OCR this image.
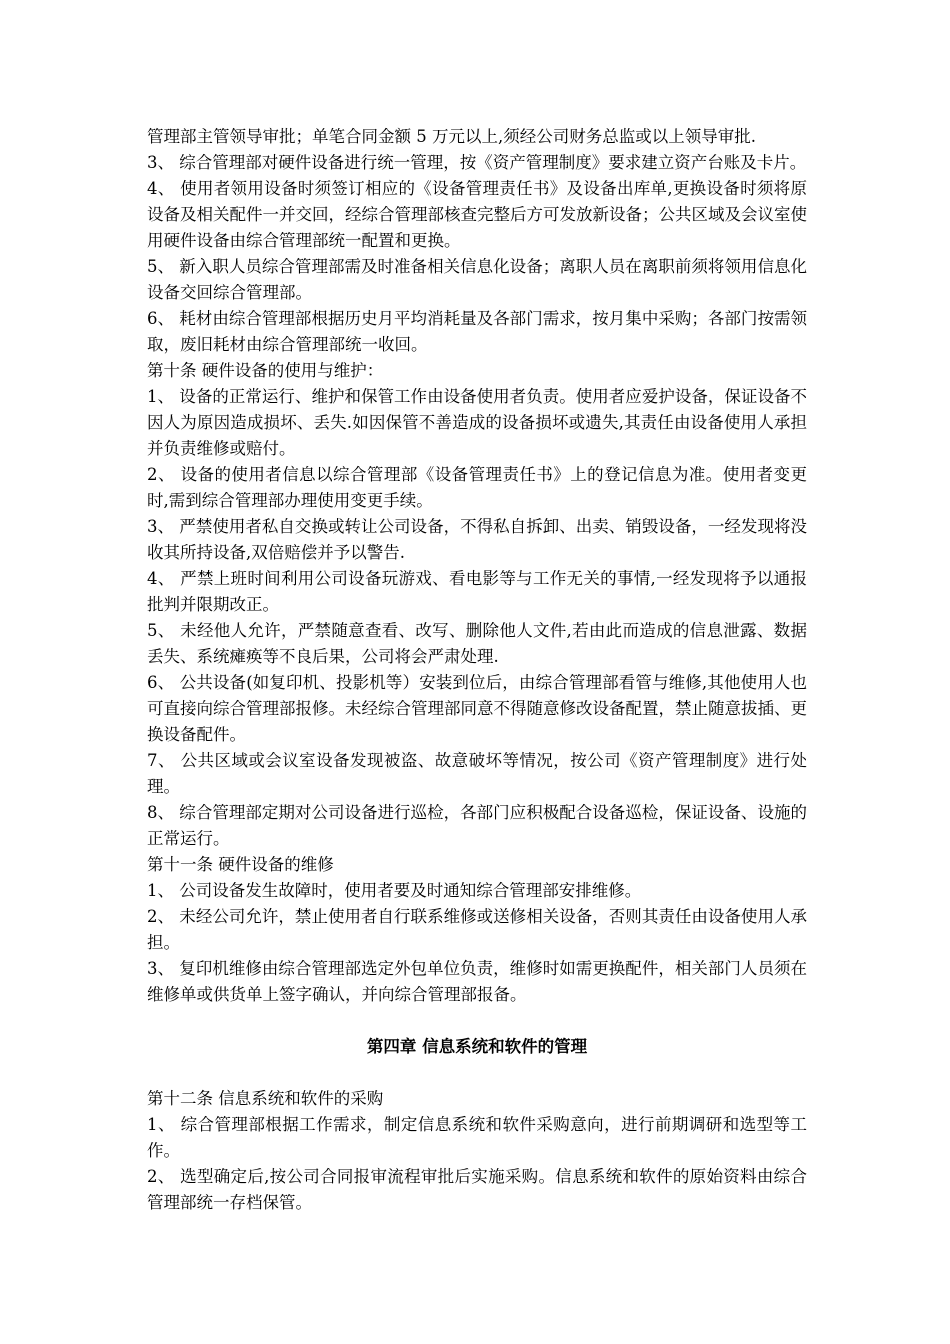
管理部主管领导审批；单笔合同金额 5 万元以上,须经公司财务总监或以上领导审批.

3、 综合管理部对硬件设备进行统一管理，按《资产管理制度》要求建立资产台账及卡片。

4、 使用者领用设备时须签订相应的《设备管理责任书》及设备出库单,更换设备时须将原设备及相关配件一并交回，经综合管理部核查完整后方可发放新设备；公共区域及会议室使用硬件设备由综合管理部统一配置和更换。

5、 新入职人员综合管理部需及时准备相关信息化设备；离职人员在离职前须将领用信息化设备交回综合管理部。

6、 耗材由综合管理部根据历史月平均消耗量及各部门需求，按月集中采购；各部门按需领取，废旧耗材由综合管理部统一收回。

第十条 硬件设备的使用与维护：

1、 设备的正常运行、维护和保管工作由设备使用者负责。使用者应爱护设备，保证设备不因人为原因造成损坏、丢失.如因保管不善造成的设备损坏或遗失,其责任由设备使用人承担并负责维修或赔付。

2、 设备的使用者信息以综合管理部《设备管理责任书》上的登记信息为准。使用者变更时,需到综合管理部办理使用变更手续。

3、 严禁使用者私自交换或转让公司设备，不得私自拆卸、出卖、销毁设备，一经发现将没收其所持设备,双倍赔偿并予以警告.

4、 严禁上班时间利用公司设备玩游戏、看电影等与工作无关的事情,一经发现将予以通报批判并限期改正。

5、 未经他人允许，严禁随意查看、改写、删除他人文件,若由此而造成的信息泄露、数据丢失、系统瘫痪等不良后果，公司将会严肃处理.

6、 公共设备(如复印机、投影机等）安装到位后，由综合管理部看管与维修,其他使用人也可直接向综合管理部报修。未经综合管理部同意不得随意修改设备配置，禁止随意拔插、更换设备配件。

7、 公共区域或会议室设备发现被盗、故意破坏等情况，按公司《资产管理制度》进行处理。

8、 综合管理部定期对公司设备进行巡检，各部门应积极配合设备巡检，保证设备、设施的正常运行。

第十一条 硬件设备的维修

1、 公司设备发生故障时，使用者要及时通知综合管理部安排维修。

2、 未经公司允许，禁止使用者自行联系维修或送修相关设备，否则其责任由设备使用人承担。

3、 复印机维修由综合管理部选定外包单位负责，维修时如需更换配件，相关部门人员须在维修单或供货单上签字确认，并向综合管理部报备。

第四章 信息系统和软件的管理

第十二条 信息系统和软件的采购

1、 综合管理部根据工作需求，制定信息系统和软件采购意向，进行前期调研和选型等工作。

2、 选型确定后,按公司合同报审流程审批后实施采购。信息系统和软件的原始资料由综合管理部统一存档保管。
